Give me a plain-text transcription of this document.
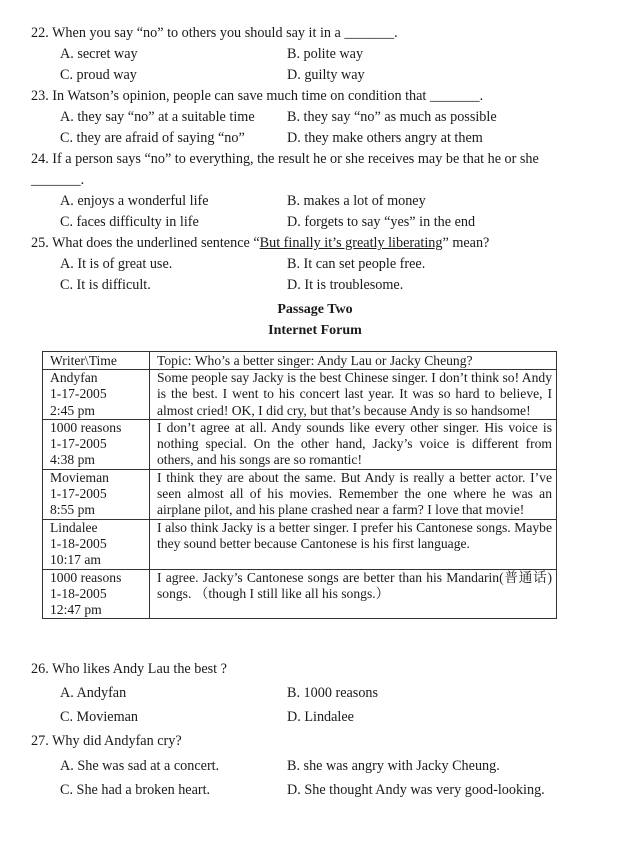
22. When you say “no” to others you should say it in a _______.
A. secret way	B. polite way
C. proud way	D. guilty way
23. In Watson’s opinion, people can save much time on condition that _______.
A. they say “no” at a suitable time B. they say “no” as much as possible
C. they are afraid of saying “no”	D. they make others angry at them
24. If a person says “no” to everything, the result he or she receives may be that he or she
_______.
A. enjoys a wonderful life	B. makes a lot of money
C. faces difficulty in life	D. forgets to say “yes” in the end
25. What does the underlined sentence “But finally it’s greatly liberating” mean?
A. It is of great use.	B. It can set people free.
C. It is difficult.	D. It is troublesome.
Passage Two
Internet Forum
Writer\Time	Topic: Who’s a better singer: Andy Lau or Jacky Cheung?

Andyfan
1-17-2005
2:45 pm
	Some people say Jacky is the best Chinese singer. I don’t think so! Andy is the best. I went to his concert last year. It was so hard to believe, I almost cried! OK, I did cry, but that’s because Andy is so handsome!

1000 reasons
1-17-2005
4:38 pm	I don’t agree at all. Andy sounds like every other singer. His voice is nothing special. On the other hand, Jacky’s voice is different from others, and his songs are so romantic!

Movieman
1-17-2005
8:55 pm
	I think they are about the same. But Andy is really a better actor. I’ve seen almost all of his movies. Remember the one where he was an airplane pilot, and his plane crashed near a farm? I love that movie!

Lindalee
1-18-2005
10:17 am	I also think Jacky is a better singer. I prefer his Cantonese songs. Maybe they sound better because Cantonese is his first language.

1000 reasons
1-18-2005
12:47 pm	I agree. Jacky’s Cantonese songs are better than his Mandarin(普通话) songs. （though I still like all his songs.）
26. Who likes Andy Lau the best ?
A. Andyfan	B. 1000 reasons
C. Movieman	D. Lindalee
27. Why did Andyfan cry?
A. She was sad at a concert.	B. she was angry with Jacky Cheung.
C. She had a broken heart.	D. She thought Andy was very good-looking.
